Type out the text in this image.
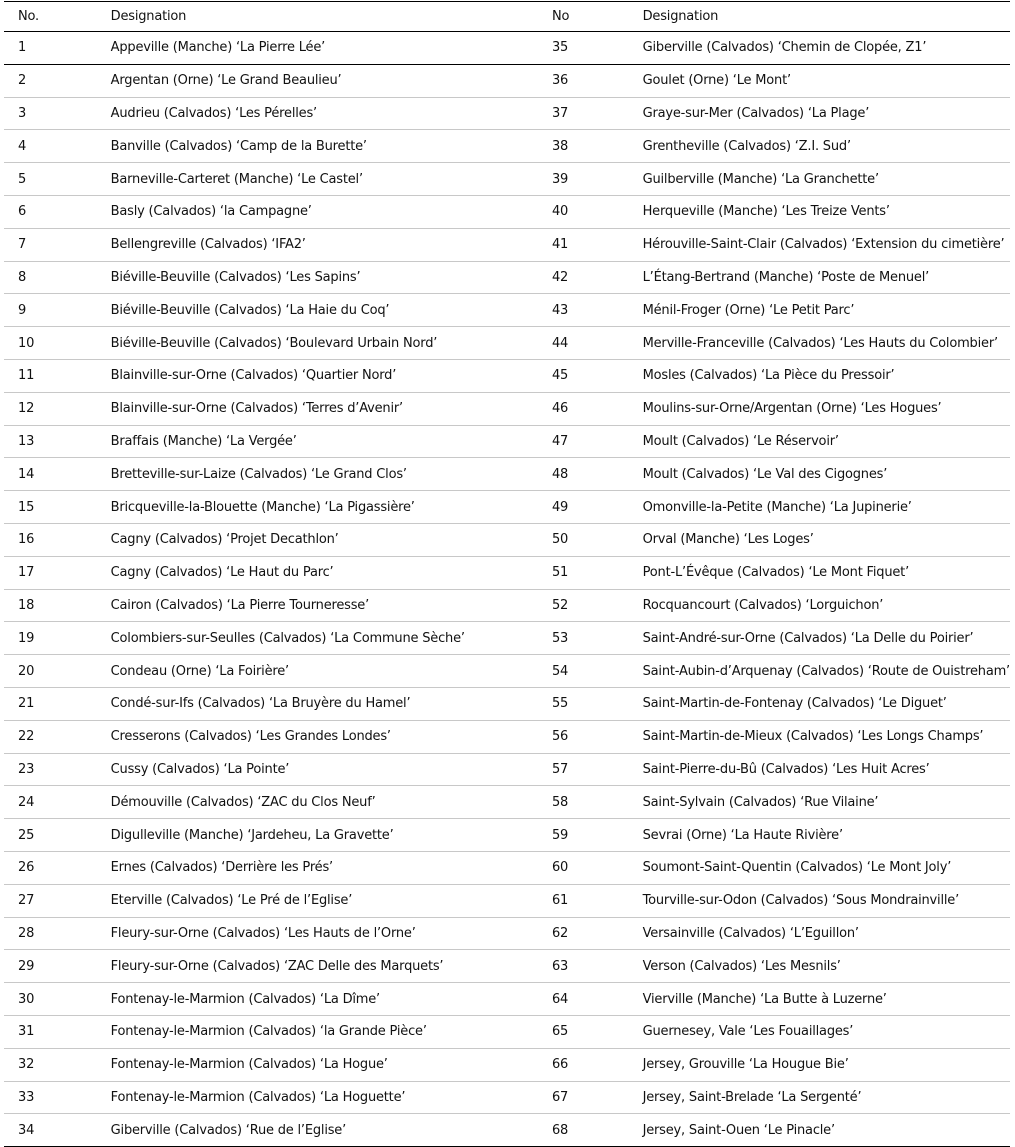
No.	Designation	No	Designation
1	Appeville (Manche) ‘La Pierre Lée’	35	Giberville (Calvados) ‘Chemin de Clopée, Z1’
2	Argentan (Orne) ‘Le Grand Beaulieu’	36	Goulet (Orne) ‘Le Mont’
3	Audrieu (Calvados) ‘Les Pérelles’	37	Graye-sur-Mer (Calvados) ‘La Plage’
4	Banville (Calvados) ‘Camp de la Burette’	38	Grentheville (Calvados) ‘Z.I. Sud’
5	Barneville-Carteret (Manche) ‘Le Castel’	39	Guilberville (Manche) ‘La Granchette’
6	Basly (Calvados) ‘la Campagne’	40	Herqueville (Manche) ‘Les Treize Vents’
7	Bellengreville (Calvados) ‘IFA2’	41	Hérouville-Saint-Clair (Calvados) ‘Extension du cimetière’
8	Biéville-Beuville (Calvados) ‘Les Sapins’	42	L’Étang-Bertrand (Manche) ‘Poste de Menuel’
9	Biéville-Beuville (Calvados) ‘La Haie du Coq’	43	Ménil-Froger (Orne) ‘Le Petit Parc’
10	Biéville-Beuville (Calvados) ‘Boulevard Urbain Nord’	44	Merville-Franceville (Calvados) ‘Les Hauts du Colombier’
11	Blainville-sur-Orne (Calvados) ‘Quartier Nord’	45	Mosles (Calvados) ‘La Pièce du Pressoir’
12	Blainville-sur-Orne (Calvados) ‘Terres d’Avenir’	46	Moulins-sur-Orne/Argentan (Orne) ‘Les Hogues’
13	Braffais (Manche) ‘La Vergée’	47	Moult (Calvados) ‘Le Réservoir’
14	Bretteville-sur-Laize (Calvados) ‘Le Grand Clos’	48	Moult (Calvados) ‘Le Val des Cigognes’
15	Bricqueville-la-Blouette (Manche) ‘La Pigassière’	49	Omonville-la-Petite (Manche) ‘La Jupinerie’
16	Cagny (Calvados) ‘Projet Decathlon’	50	Orval (Manche) ‘Les Loges’
17	Cagny (Calvados) ‘Le Haut du Parc’	51	Pont-L’Évêque (Calvados) ‘Le Mont Fiquet’
18	Cairon (Calvados) ‘La Pierre Tourneresse’	52	Rocquancourt (Calvados) ‘Lorguichon’
19	Colombiers-sur-Seulles (Calvados) ‘La Commune Sèche’	53	Saint-André-sur-Orne (Calvados) ‘La Delle du Poirier’
20	Condeau (Orne) ‘La Foirière’	54	Saint-Aubin-d’Arquenay (Calvados) ‘Route de Ouistreham’
21	Condé-sur-Ifs (Calvados) ‘La Bruyère du Hamel’	55	Saint-Martin-de-Fontenay (Calvados) ‘Le Diguet’
22	Cresserons (Calvados) ‘Les Grandes Londes’	56	Saint-Martin-de-Mieux (Calvados) ‘Les Longs Champs’
23	Cussy (Calvados) ‘La Pointe’	57	Saint-Pierre-du-Bû (Calvados) ‘Les Huit Acres’
24	Démouville (Calvados) ‘ZAC du Clos Neuf’	58	Saint-Sylvain (Calvados) ‘Rue Vilaine’
25	Digulleville (Manche) ‘Jardeheu, La Gravette’	59	Sevrai (Orne) ‘La Haute Rivière’
26	Ernes (Calvados) ‘Derrière les Prés’	60	Soumont-Saint-Quentin (Calvados) ‘Le Mont Joly’
27	Eterville (Calvados) ‘Le Pré de l’Eglise’	61	Tourville-sur-Odon (Calvados) ‘Sous Mondrainville’
28	Fleury-sur-Orne (Calvados) ‘Les Hauts de l’Orne’	62	Versainville (Calvados) ‘L’Eguillon’
29	Fleury-sur-Orne (Calvados) ‘ZAC Delle des Marquets’	63	Verson (Calvados) ‘Les Mesnils’
30	Fontenay-le-Marmion (Calvados) ‘La Dîme’	64	Vierville (Manche) ‘La Butte à Luzerne’
31	Fontenay-le-Marmion (Calvados) ‘la Grande Pièce’	65	Guernesey, Vale ‘Les Fouaillages’
32	Fontenay-le-Marmion (Calvados) ‘La Hogue’	66	Jersey, Grouville ‘La Hougue Bie’
33	Fontenay-le-Marmion (Calvados) ‘La Hoguette’	67	Jersey, Saint-Brelade ‘La Sergenté’
34	Giberville (Calvados) ‘Rue de l’Eglise’	68	Jersey, Saint-Ouen ‘Le Pinacle’
